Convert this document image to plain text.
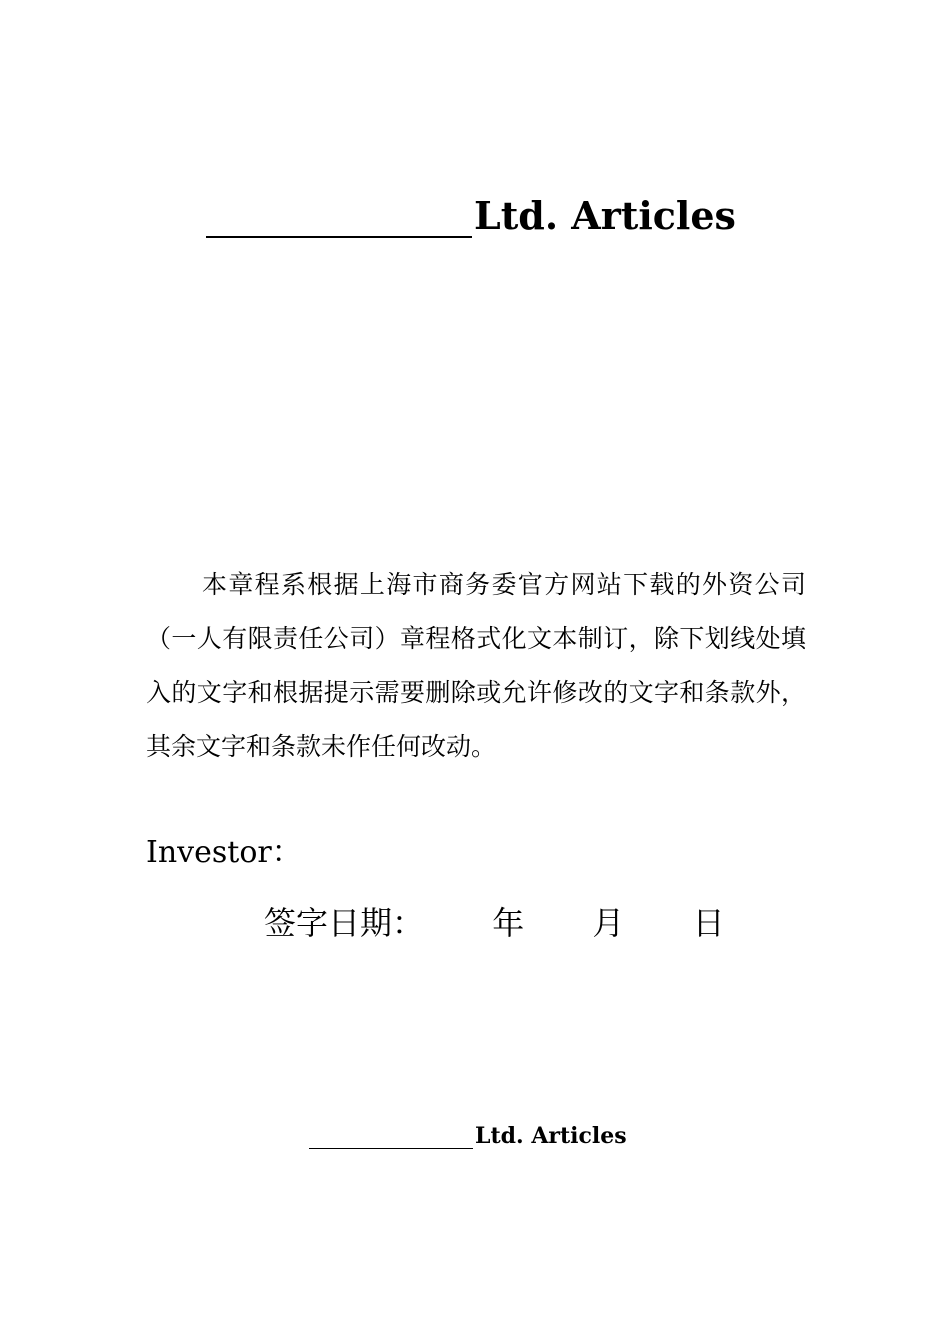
Ltd. Articles
本章程系根据上海市商务委官方网站下载的外资公司（一人有限责任公司）章程格式化文本制订，除下划线处填入的文字和根据提示需要删除或允许修改的文字和条款外，其余文字和条款未作任何改动。
Investor：
签字日期： 年 月 日
Ltd. Articles
